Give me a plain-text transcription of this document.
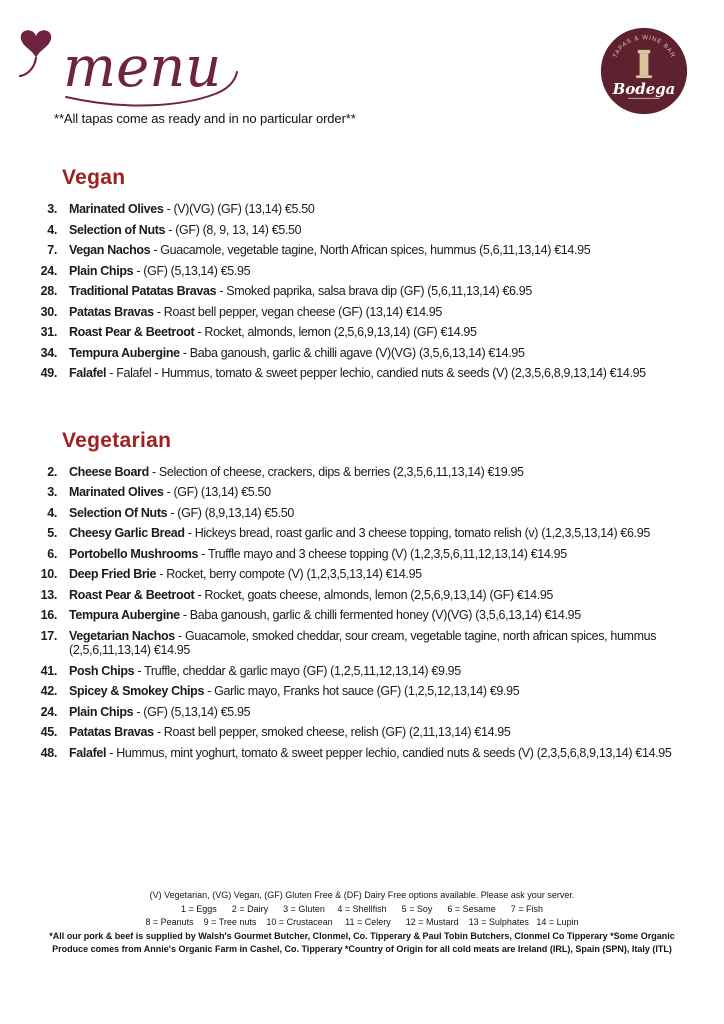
menu	TAPAS & WINE BAR
Bodega

**All tapas come as ready and in no particular order**

Vegan
3. Marinated Olives - (V)(VG) (GF) (13,14) €5.50
4. Selection of Nuts - (GF) (8, 9, 13, 14) €5.50
7. Vegan Nachos - Guacamole, vegetable tagine, North African spices, hummus (5,6,11,13,14) €14.95
24. Plain Chips - (GF) (5,13,14) €5.95
28. Traditional Patatas Bravas - Smoked paprika, salsa brava dip (GF) (5,6,11,13,14) €6.95
30. Patatas Bravas - Roast bell pepper, vegan cheese (GF) (13,14) €14.95
31. Roast Pear & Beetroot - Rocket, almonds, lemon (2,5,6,9,13,14) (GF) €14.95
34. Tempura Aubergine - Baba ganoush, garlic & chilli agave (V)(VG) (3,5,6,13,14) €14.95
49. Falafel - Falafel - Hummus, tomato & sweet pepper lechio, candied nuts & seeds (V) (2,3,5,6,8,9,13,14) €14.95
Vegetarian
2. Cheese Board - Selection of cheese, crackers, dips & berries (2,3,5,6,11,13,14) €19.95
3. Marinated Olives - (GF) (13,14) €5.50
4. Selection Of Nuts - (GF) (8,9,13,14) €5.50
5. Cheesy Garlic Bread - Hickeys bread, roast garlic and 3 cheese topping, tomato relish (v) (1,2,3,5,13,14) €6.95
6. Portobello Mushrooms - Truffle mayo and 3 cheese topping (V) (1,2,3,5,6,11,12,13,14) €14.95
10. Deep Fried Brie - Rocket, berry compote (V) (1,2,3,5,13,14) €14.95
13. Roast Pear & Beetroot - Rocket, goats cheese, almonds, lemon (2,5,6,9,13,14) (GF) €14.95
16. Tempura Aubergine - Baba ganoush, garlic & chilli fermented honey (V)(VG) (3,5,6,13,14) €14.95
17. Vegetarian Nachos - Guacamole, smoked cheddar, sour cream, vegetable tagine, north african spices, hummus (2,5,6,11,13,14) €14.95
41. Posh Chips - Truffle, cheddar & garlic mayo (GF) (1,2,5,11,12,13,14) €9.95
42. Spicey & Smokey Chips - Garlic mayo, Franks hot sauce (GF) (1,2,5,12,13,14) €9.95
24. Plain Chips - (GF) (5,13,14) €5.95
45. Patatas Bravas - Roast bell pepper, smoked cheese, relish (GF) (2,11,13,14) €14.95
48. Falafel - Hummus, mint yoghurt, tomato & sweet pepper lechio, candied nuts & seeds (V) (2,3,5,6,8,9,13,14) €14.95

(V) Vegetarian, (VG) Vegan, (GF) Gluten Free & (DF) Dairy Free options available. Please ask your server.

1 = Eggs      2 = Dairy      3 = Gluten     4 = Shellfish      5 = Soy      6 = Sesame      7 = Fish

8 = Peanuts    9 = Tree nuts    10 = Crustacean     11 = Celery      12 = Mustard    13 = Sulphates   14 = Lupin

*All our pork & beef is supplied by Walsh's Gourmet Butcher, Clonmel, Co. Tipperary & Paul Tobin Butchers, Clonmel Co Tipperary *Some Organic

Produce comes from Annie's Organic Farm in Cashel, Co. Tipperary *Country of Origin for all cold meats are Ireland (IRL), Spain (SPN), Italy (ITL)
